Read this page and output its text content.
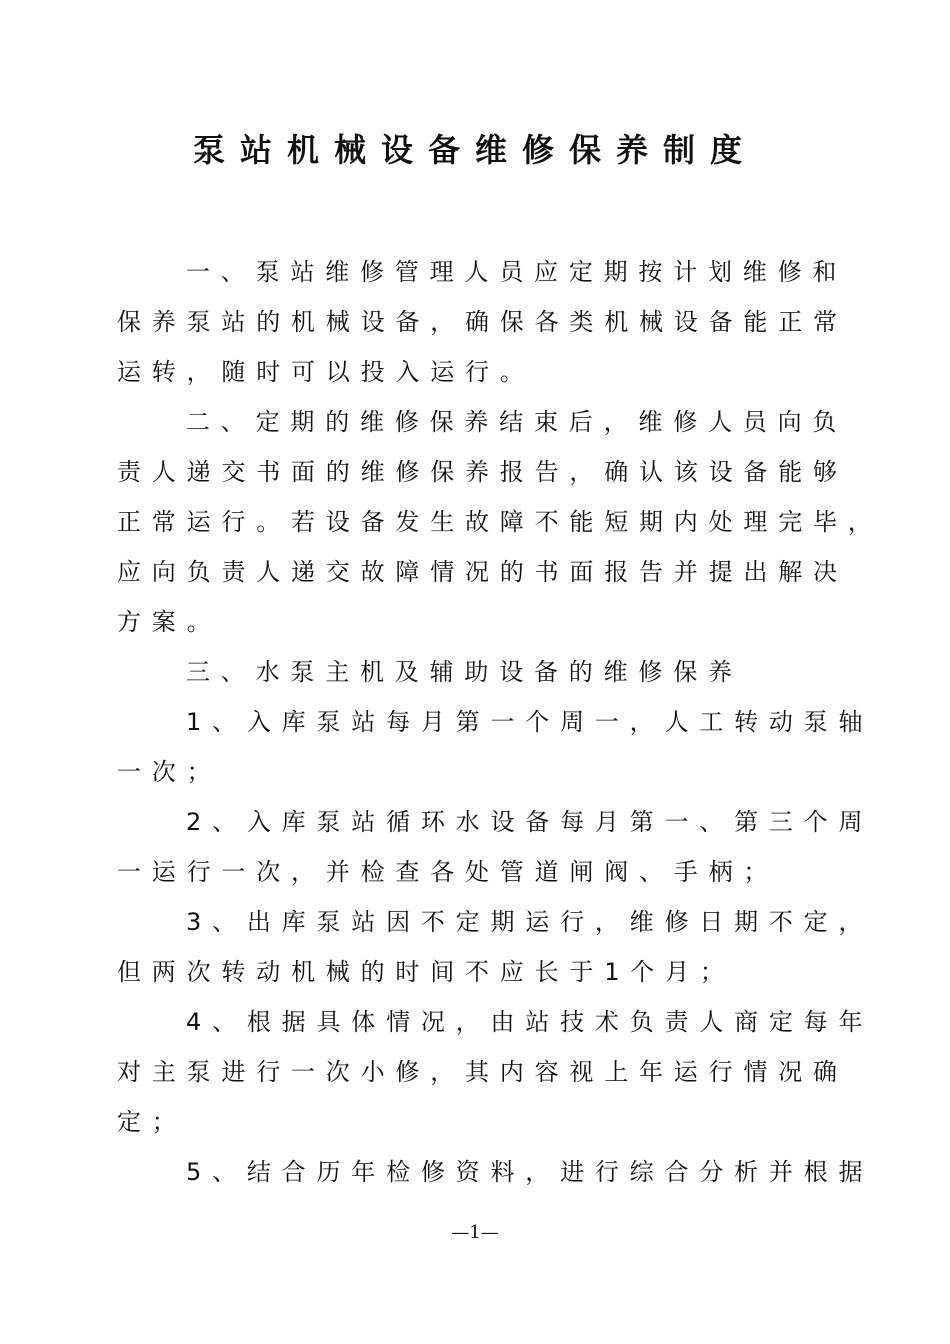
泵站机械设备维修保养制度
一、泵站维修管理人员应定期按计划维修和
保养泵站的机械设备，确保各类机械设备能正常
运转，随时可以投入运行。
二、定期的维修保养结束后，维修人员向负
责人递交书面的维修保养报告，确认该设备能够
正常运行。若设备发生故障不能短期内处理完毕，
应向负责人递交故障情况的书面报告并提出解决
方案。
三、水泵主机及辅助设备的维修保养
1、入库泵站每月第一个周一，人工转动泵轴
一次；
2、入库泵站循环水设备每月第一、第三个周
一运行一次，并检查各处管道闸阀、手柄；
3、出库泵站因不定期运行，维修日期不定，
但两次转动机械的时间不应长于1个月；
4、根据具体情况，由站技术负责人商定每年
对主泵进行一次小修，其内容视上年运行情况确
定；
5、结合历年检修资料，进行综合分析并根据
—1—
